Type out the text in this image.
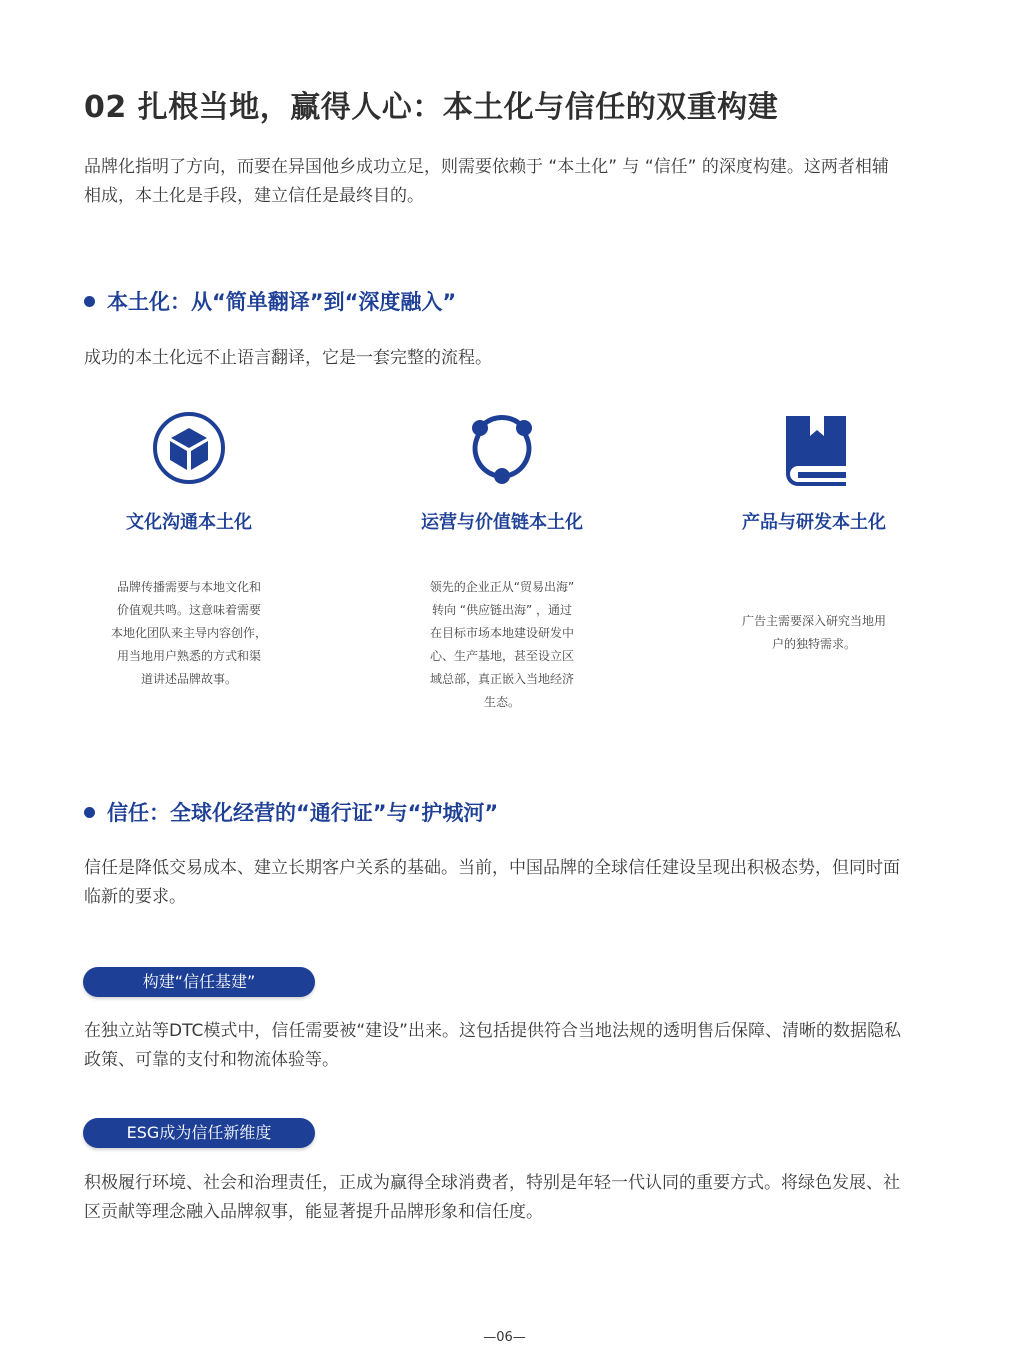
02 扎根当地，赢得人心：本土化与信任的双重构建
品牌化指明了方向，而要在异国他乡成功立足，则需要依赖于 “本土化” 与 “信任” 的深度构建。这两者相辅
相成，本土化是手段，建立信任是最终目的。
本土化：从“简单翻译”到“深度融入”
成功的本土化远不止语言翻译，它是一套完整的流程。
文化沟通本土化
品牌传播需要与本地文化和
价值观共鸣。这意味着需要
本地化团队来主导内容创作，
用当地用户熟悉的方式和渠
道讲述品牌故事。
运营与价值链本土化
领先的企业正从“贸易出海”
转向 “供应链出海” ，通过
在目标市场本地建设研发中
心、生产基地，甚至设立区
域总部，真正嵌入当地经济
生态。
产品与研发本土化
广告主需要深入研究当地用
户的独特需求。
信任：全球化经营的“通行证”与“护城河”
信任是降低交易成本、建立长期客户关系的基础。当前，中国品牌的全球信任建设呈现出积极态势，但同时面
临新的要求。
构建“信任基建”
在独立站等DTC模式中，信任需要被“建设”出来。这包括提供符合当地法规的透明售后保障、清晰的数据隐私
政策、可靠的支付和物流体验等。
ESG成为信任新维度
积极履行环境、社会和治理责任，正成为赢得全球消费者，特别是年轻一代认同的重要方式。将绿色发展、社
区贡献等理念融入品牌叙事，能显著提升品牌形象和信任度。
—06—
